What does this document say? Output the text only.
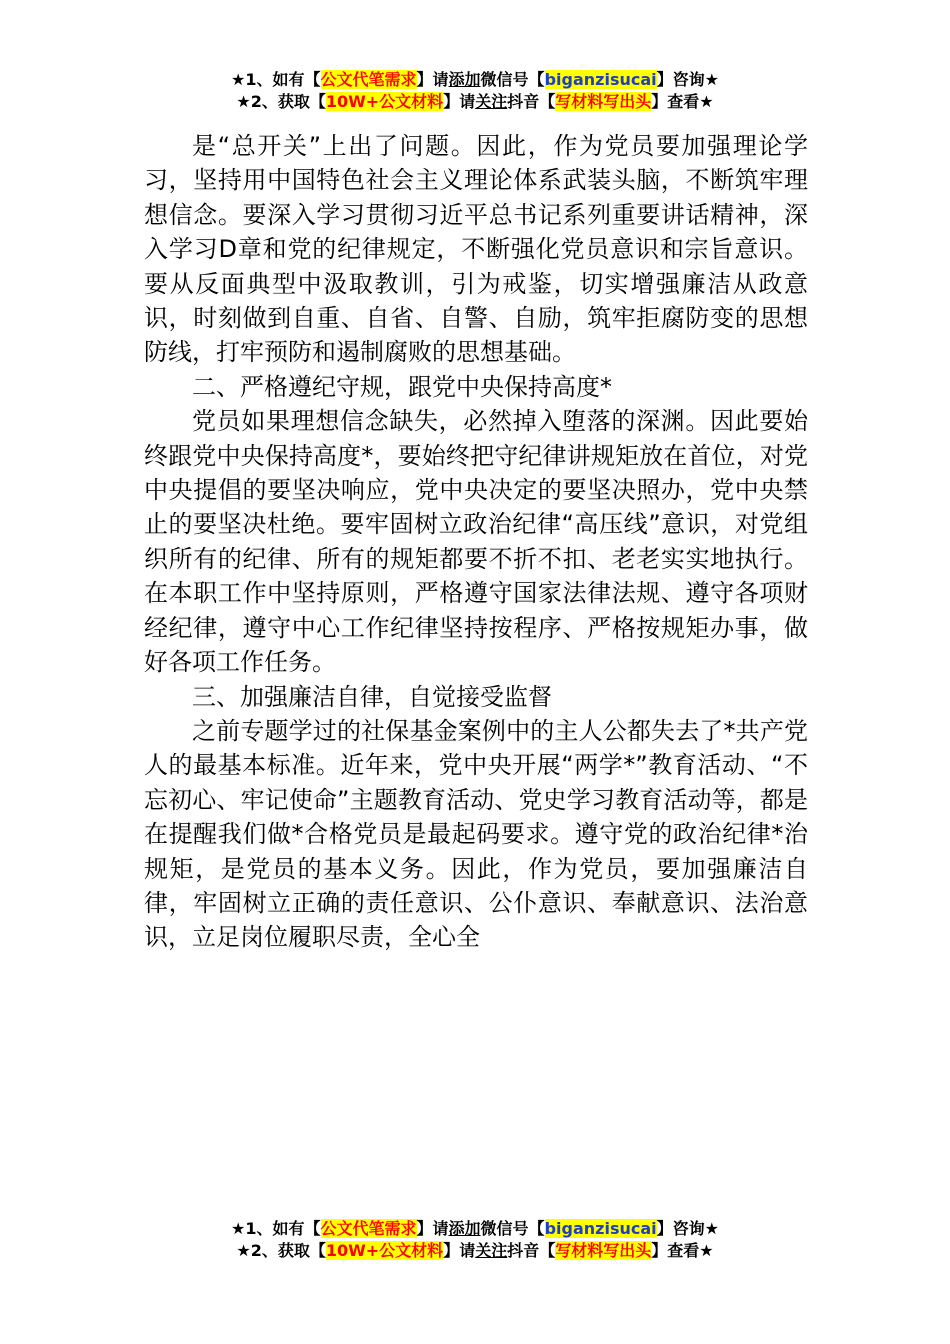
★1、如有【公文代笔需求】请添加微信号【biganzisucai】咨询★
★2、获取【10W+公文材料】请关注抖音【写材料写出头】查看★

是“总开关”上出了问题。因此，作为党员要加强理论学习，坚持用中国特色社会主义理论体系武装头脑，不断筑牢理想信念。要深入学习贯彻习近平总书记系列重要讲话精神，深入学习D章和党的纪律规定，不断强化党员意识和宗旨意识。要从反面典型中汲取教训，引为戒鉴，切实增强廉洁从政意识，时刻做到自重、自省、自警、自励，筑牢拒腐防变的思想防线，打牢预防和遏制腐败的思想基础。

二、严格遵纪守规，跟党中央保持高度*

党员如果理想信念缺失，必然掉入堕落的深渊。因此要始终跟党中央保持高度*，要始终把守纪律讲规矩放在首位，对党中央提倡的要坚决响应，党中央决定的要坚决照办，党中央禁止的要坚决杜绝。要牢固树立政治纪律“高压线”意识，对党组织所有的纪律、所有的规矩都要不折不扣、老老实实地执行。在本职工作中坚持原则，严格遵守国家法律法规、遵守各项财经纪律，遵守中心工作纪律坚持按程序、严格按规矩办事，做好各项工作任务。

三、加强廉洁自律，自觉接受监督

之前专题学过的社保基金案例中的主人公都失去了*共产党人的最基本标准。近年来，党中央开展“两学*”教育活动、“不忘初心、牢记使命”主题教育活动、党史学习教育活动等，都是在提醒我们做*合格党员是最起码要求。遵守党的政治纪律*治规矩，是党员的基本义务。因此，作为党员，要加强廉洁自律，牢固树立正确的责任意识、公仆意识、奉献意识、法治意识，立足岗位履职尽责，全心全

★1、如有【公文代笔需求】请添加微信号【biganzisucai】咨询★
★2、获取【10W+公文材料】请关注抖音【写材料写出头】查看★
